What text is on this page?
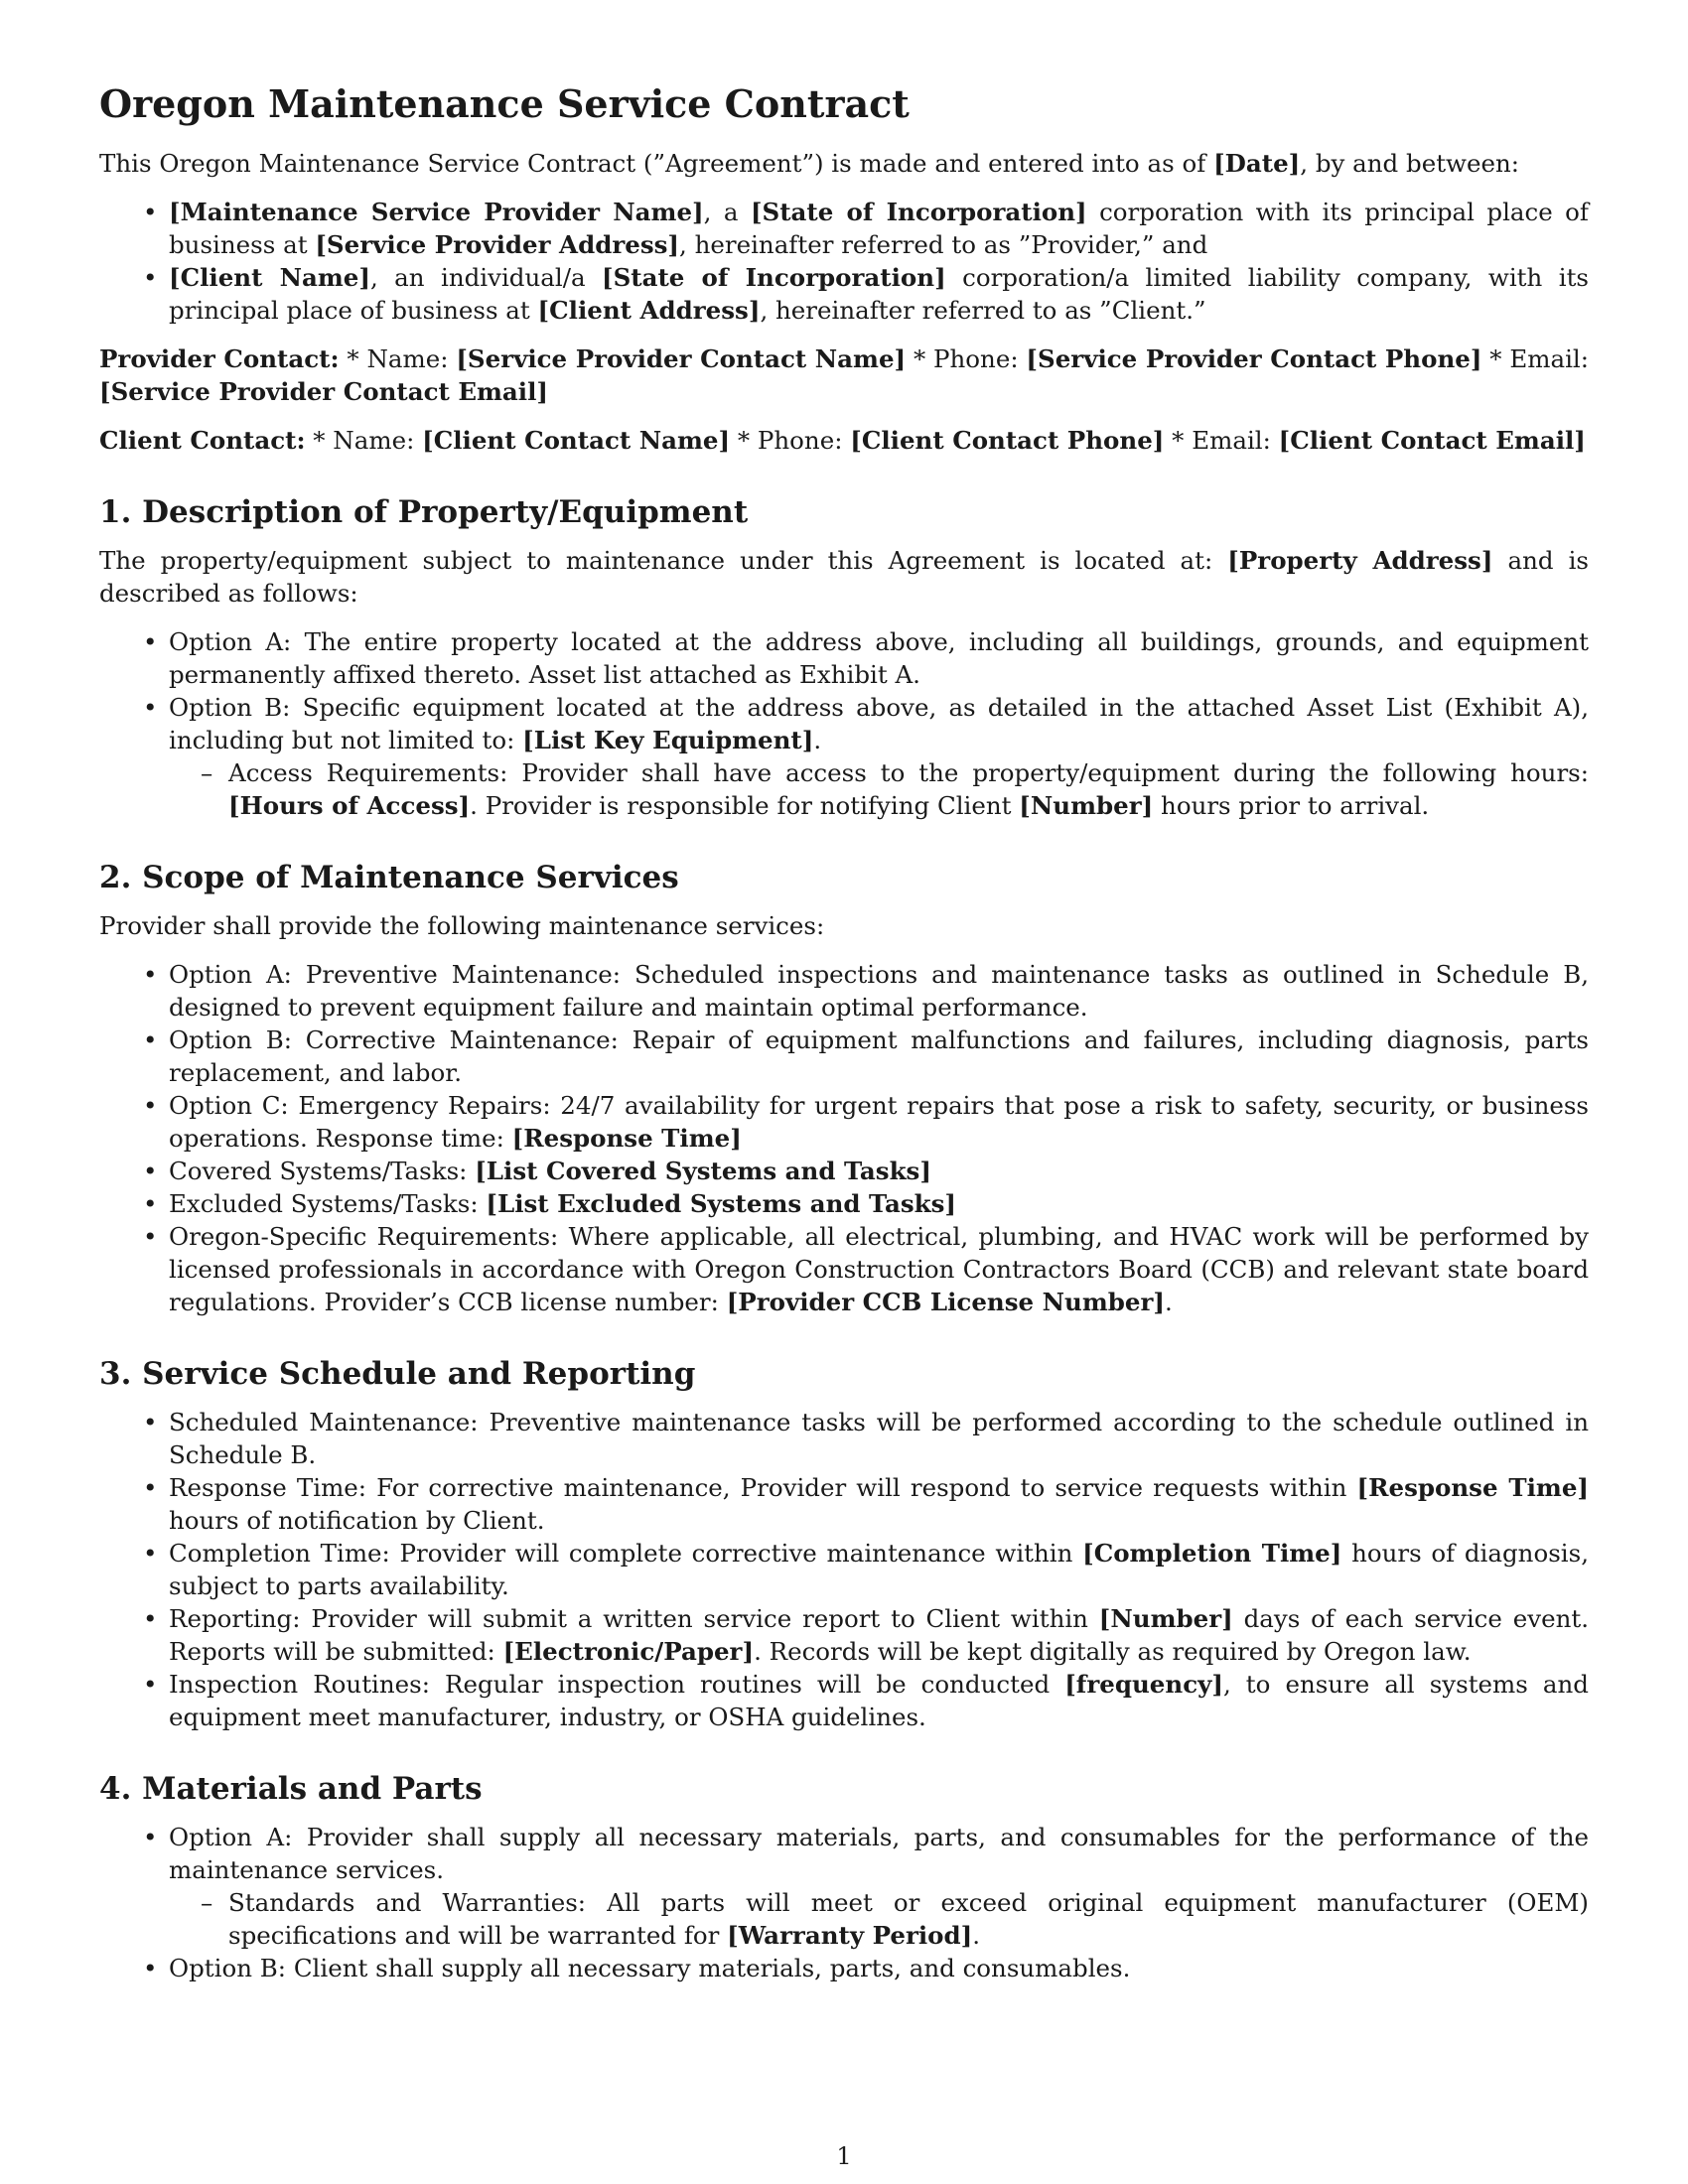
Oregon Maintenance Service Contract

This Oregon Maintenance Service Contract (”Agreement”) is made and entered into as of [Date], by and between:

• [Maintenance Service Provider Name], a [State of Incorporation] corporation with its principal place of business at [Service Provider Address], hereinafter referred to as ”Provider,” and
• [Client Name], an individual/a [State of Incorporation] corporation/a limited liability company, with its principal place of business at [Client Address], hereinafter referred to as ”Client.”

Provider Contact: * Name: [Service Provider Contact Name] * Phone: [Service Provider Contact Phone] * Email: [Service Provider Contact Email]

Client Contact: * Name: [Client Contact Name] * Phone: [Client Contact Phone] * Email: [Client Contact Email]

1. Description of Property/Equipment

The property/equipment subject to maintenance under this Agreement is located at: [Property Address] and is described as follows:

• Option A: The entire property located at the address above, including all buildings, grounds, and equipment permanently affixed thereto. Asset list attached as Exhibit A.
• Option B: Specific equipment located at the address above, as detailed in the attached Asset List (Exhibit A), including but not limited to: [List Key Equipment].
– Access Requirements: Provider shall have access to the property/equipment during the following hours: [Hours of Access]. Provider is responsible for notifying Client [Number] hours prior to arrival.
2. Scope of Maintenance Services

Provider shall provide the following maintenance services:

• Option A: Preventive Maintenance: Scheduled inspections and maintenance tasks as outlined in Schedule B, designed to prevent equipment failure and maintain optimal performance.
• Option B: Corrective Maintenance: Repair of equipment malfunctions and failures, including diagnosis, parts replacement, and labor.
• Option C: Emergency Repairs: 24/7 availability for urgent repairs that pose a risk to safety, security, or business operations. Response time: [Response Time]
• Covered Systems/Tasks: [List Covered Systems and Tasks]
• Excluded Systems/Tasks: [List Excluded Systems and Tasks]
• Oregon-Specific Requirements: Where applicable, all electrical, plumbing, and HVAC work will be performed by licensed professionals in accordance with Oregon Construction Contractors Board (CCB) and relevant state board regulations. Provider’s CCB license number: [Provider CCB License Number].
3. Service Schedule and Reporting
• Scheduled Maintenance: Preventive maintenance tasks will be performed according to the schedule outlined in Schedule B.
• Response Time: For corrective maintenance, Provider will respond to service requests within [Response Time] hours of notification by Client.
• Completion Time: Provider will complete corrective maintenance within [Completion Time] hours of diagnosis, subject to parts availability.
• Reporting: Provider will submit a written service report to Client within [Number] days of each service event. Reports will be submitted: [Electronic/Paper]. Records will be kept digitally as required by Oregon law.
• Inspection Routines: Regular inspection routines will be conducted [frequency], to ensure all systems and equipment meet manufacturer, industry, or OSHA guidelines.
4. Materials and Parts
• Option A: Provider shall supply all necessary materials, parts, and consumables for the performance of the maintenance services.
– Standards and Warranties: All parts will meet or exceed original equipment manufacturer (OEM) specifications and will be warranted for [Warranty Period].
• Option B: Client shall supply all necessary materials, parts, and consumables.
1
